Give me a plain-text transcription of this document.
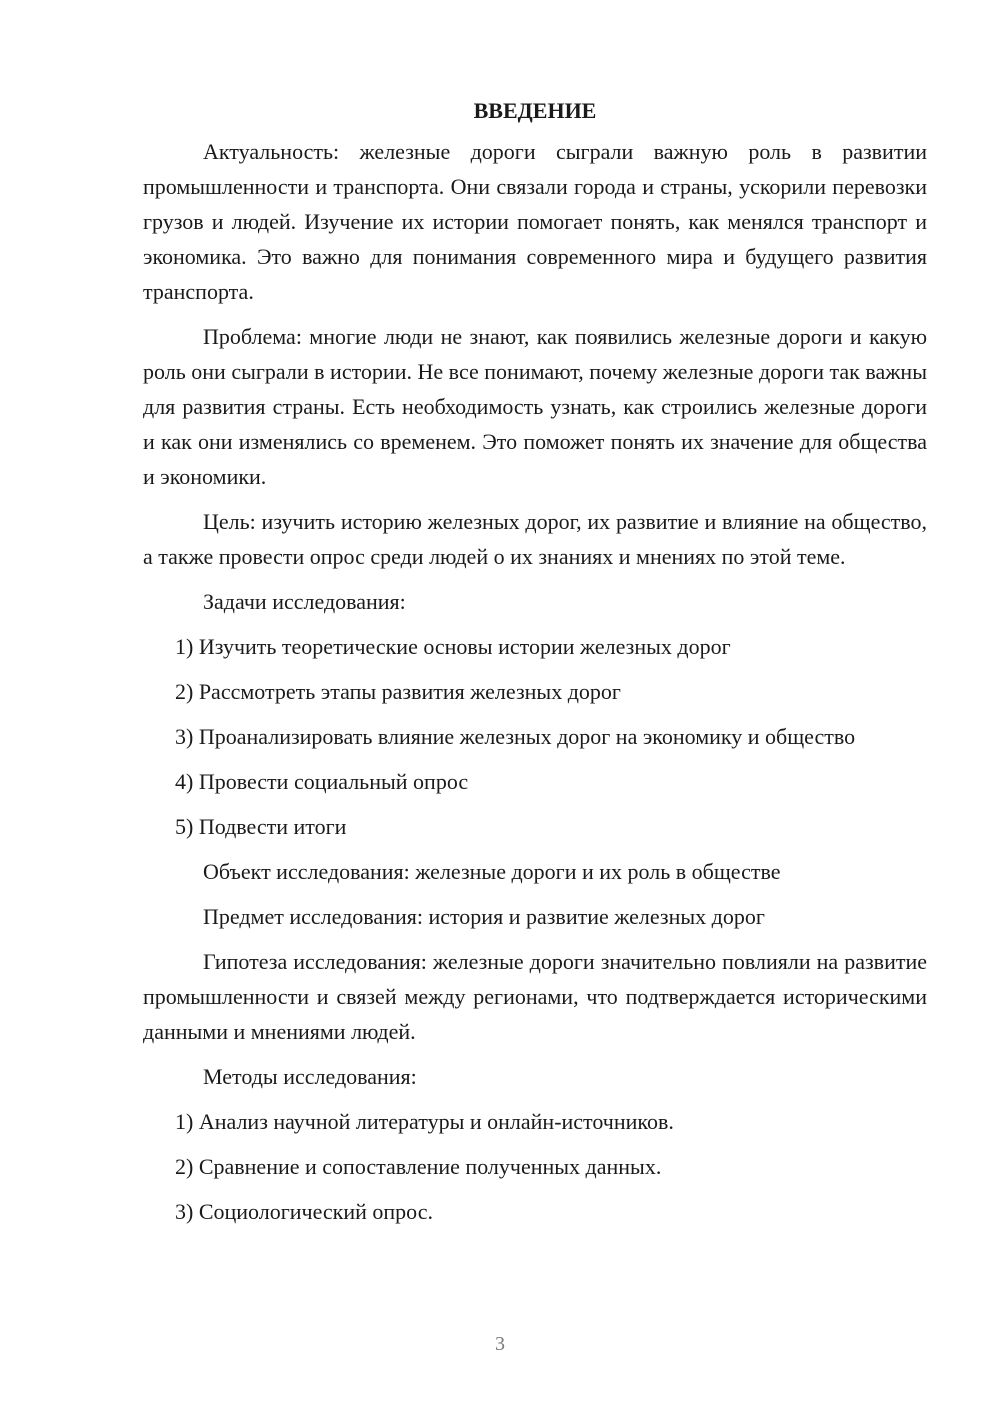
ВВЕДЕНИЕ

Актуальность: железные дороги сыграли важную роль в развитии промышленности и транспорта. Они связали города и страны, ускорили перевозки грузов и людей. Изучение их истории помогает понять, как менялся транспорт и экономика. Это важно для понимания современного мира и будущего развития транспорта.

Проблема: многие люди не знают, как появились железные дороги и какую роль они сыграли в истории. Не все понимают, почему железные дороги так важны для развития страны. Есть необходимость узнать, как строились железные дороги и как они изменялись со временем. Это поможет понять их значение для общества и экономики.

Цель: изучить историю железных дорог, их развитие и влияние на общество, а также провести опрос среди людей о их знаниях и мнениях по этой теме.

Задачи исследования:

1) Изучить теоретические основы истории железных дорог

2) Рассмотреть этапы развития железных дорог

3) Проанализировать влияние железных дорог на экономику и общество

4) Провести социальный опрос

5) Подвести итоги

Объект исследования: железные дороги и их роль в обществе

Предмет исследования: история и развитие железных дорог

Гипотеза исследования: железные дороги значительно повлияли на развитие промышленности и связей между регионами, что подтверждается историческими данными и мнениями людей.

Методы исследования:

1) Анализ научной литературы и онлайн-источников.

2) Сравнение и сопоставление полученных данных.

3) Социологический опрос.

3
